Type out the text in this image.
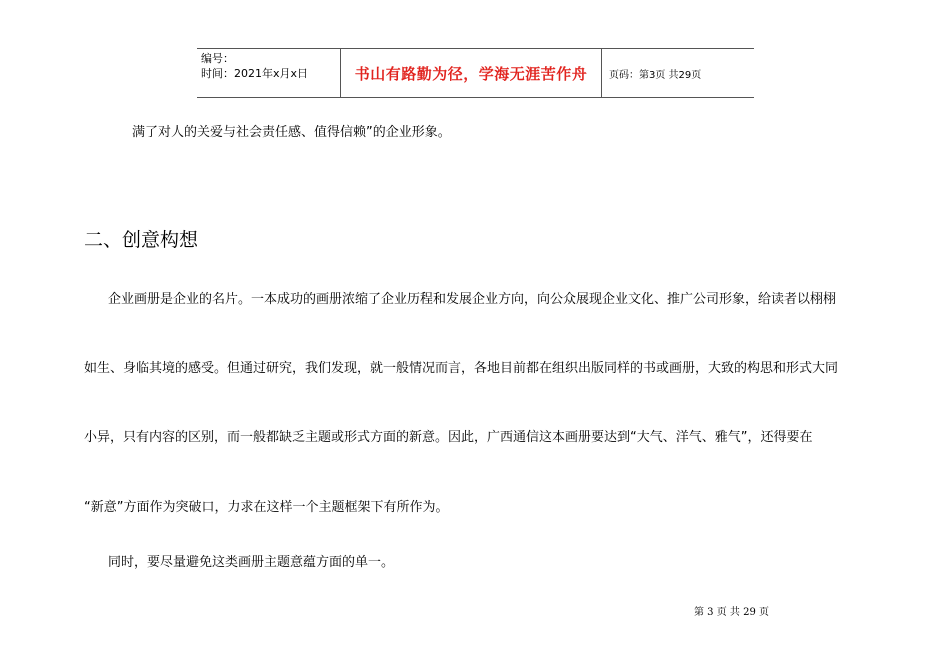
编号：
时间：2021年x月x日	书山有路勤为径，学海无涯苦作舟 页码：第3页 共29页
满了对人的关爱与社会责任感、值得信赖”的企业形象。
二、创意构想
企业画册是企业的名片。一本成功的画册浓缩了企业历程和发展企业方向，向公众展现企业文化、推广公司形象，给读者以栩栩
如生、身临其境的感受。但通过研究，我们发现，就一般情况而言，各地目前都在组织出版同样的书或画册，大致的构思和形式大同
小异，只有内容的区别，而一般都缺乏主题或形式方面的新意。因此，广西通信这本画册要达到“大气、洋气、雅气”，还得要在
“新意”方面作为突破口，力求在这样一个主题框架下有所作为。
同时，要尽量避免这类画册主题意蕴方面的单一。
第 3 页 共 29 页
